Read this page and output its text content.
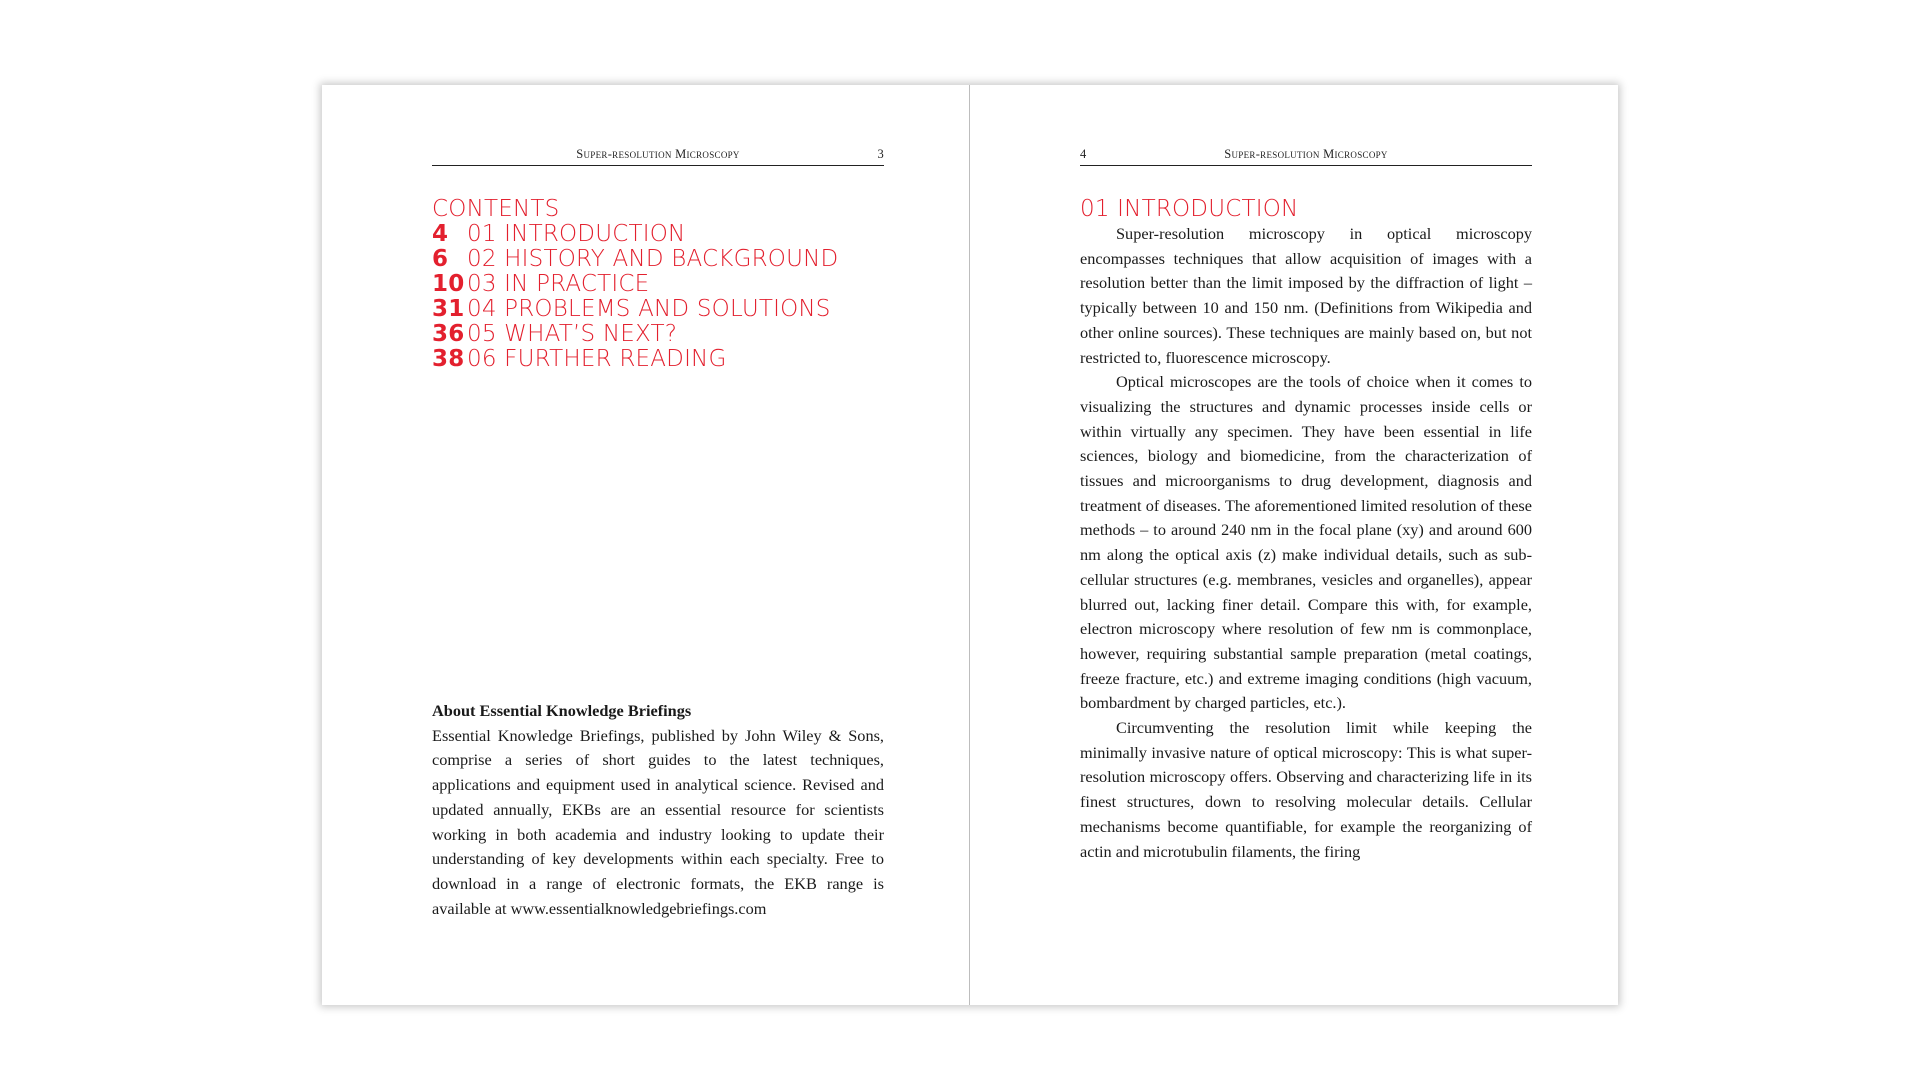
Super-resolution Microscopy	3
CONTENTS
4 01 INTRODUCTION
6 02 HISTORY AND BACKGROUND
10 03 IN PRACTICE
31 04 PROBLEMS AND SOLUTIONS
36 05 WHAT’S NEXT?
38 06 FURTHER READING
About Essential Knowledge Briefings

Essential Knowledge Briefings, published by John Wiley & Sons, comprise a series of short guides to the latest techniques, applications and equipment used in analytical science. Revised and updated annually, EKBs are an essential resource for scientists working in both academia and industry looking to update their understanding of key developments within each specialty. Free to download in a range of electronic formats, the EKB range is available at www.essentialknowledgebriefings.com

4	Super-resolution Microscopy
01 INTRODUCTION

Super-resolution microscopy in optical microscopy encompasses techniques that allow acquisition of images with a resolution better than the limit imposed by the diffraction of light – typically between 10 and 150 nm. (Definitions from Wikipedia and other online sources). These techniques are mainly based on, but not restricted to, fluorescence microscopy.

Optical microscopes are the tools of choice when it comes to visualizing the structures and dynamic processes inside cells or within virtually any specimen. They have been essential in life sciences, biology and biomedicine, from the characterization of tissues and microorganisms to drug development, diagnosis and treatment of diseases. The aforementioned limited resolution of these methods – to around 240 nm in the focal plane (xy) and around 600 nm along the optical axis (z) make individual details, such as sub-cellular structures (e.g. membranes, vesicles and organelles), appear blurred out, lacking finer detail. Compare this with, for example, electron microscopy where resolution of few nm is commonplace, however, requiring substantial sample preparation (metal coatings, freeze fracture, etc.) and extreme imaging conditions (high vacuum, bombardment by charged particles, etc.).

Circumventing the resolution limit while keeping the minimally invasive nature of optical microscopy: This is what super-resolution microscopy offers. Observing and characterizing life in its finest structures, down to resolving molecular details. Cellular mechanisms become quantifiable, for example the reorganizing of actin and microtubulin filaments, the firing
